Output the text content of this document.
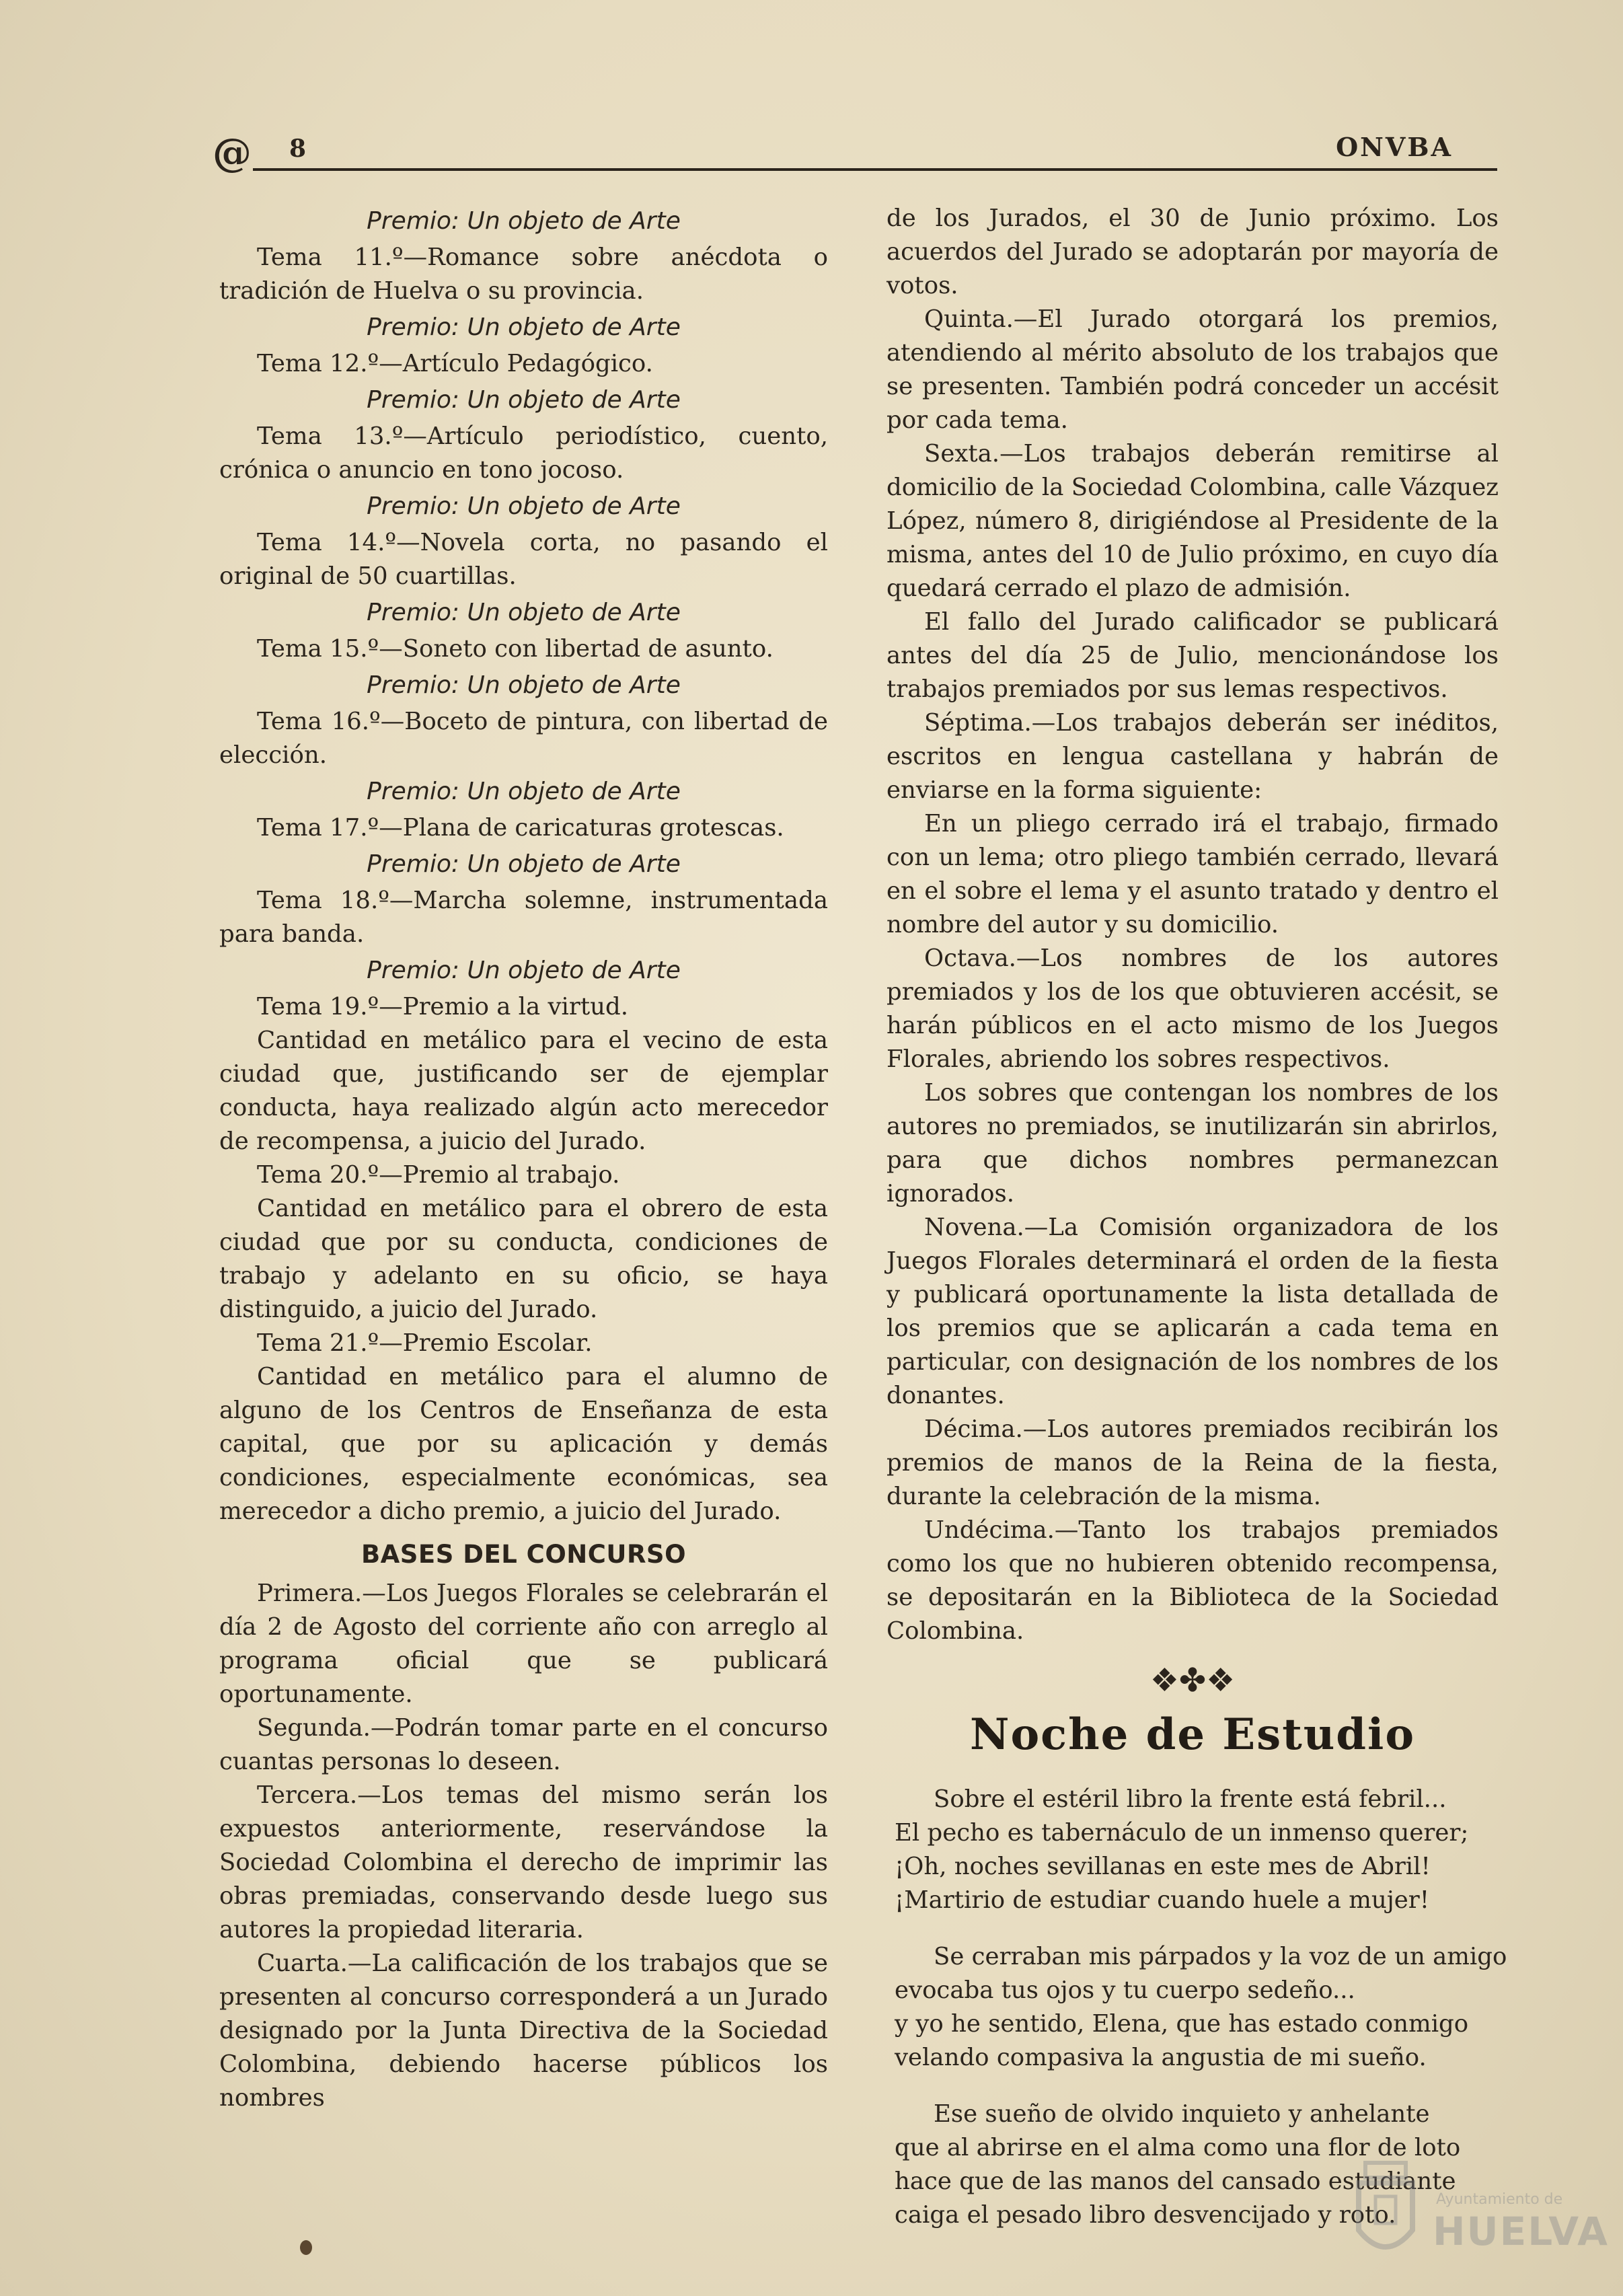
@ 8	ONVBA
Premio: Un objeto de Arte

Tema 11.º—Romance sobre anécdota o tradición de Huelva o su provincia.

Premio: Un objeto de Arte

Tema 12.º—Artículo Pedagógico.

Premio: Un objeto de Arte

Tema 13.º—Artículo periodístico, cuento, crónica o anuncio en tono jocoso.

Premio: Un objeto de Arte

Tema 14.º—Novela corta, no pasando el original de 50 cuartillas.

Premio: Un objeto de Arte

Tema 15.º—Soneto con libertad de asunto.

Premio: Un objeto de Arte

Tema 16.º—Boceto de pintura, con libertad de elección.

Premio: Un objeto de Arte

Tema 17.º—Plana de caricaturas grotescas.

Premio: Un objeto de Arte

Tema 18.º—Marcha solemne, instrumentada para banda.

Premio: Un objeto de Arte

Tema 19.º—Premio a la virtud.

Cantidad en metálico para el vecino de esta ciudad que, justificando ser de ejemplar conducta, haya realizado algún acto merecedor de recompensa, a juicio del Jurado.

Tema 20.º—Premio al trabajo.

Cantidad en metálico para el obrero de esta ciudad que por su conducta, condiciones de trabajo y adelanto en su oficio, se haya distinguido, a juicio del Jurado.

Tema 21.º—Premio Escolar.

Cantidad en metálico para el alumno de alguno de los Centros de Enseñanza de esta capital, que por su aplicación y demás condiciones, especialmente económicas, sea merecedor a dicho premio, a juicio del Jurado.

BASES DEL CONCURSO

Primera.—Los Juegos Florales se celebrarán el día 2 de Agosto del corriente año con arreglo al programa oficial que se publicará oportunamente.

Segunda.—Podrán tomar parte en el concurso cuantas personas lo deseen.

Tercera.—Los temas del mismo serán los expuestos anteriormente, reservándose la Sociedad Colombina el derecho de imprimir las obras premiadas, conservando desde luego sus autores la propiedad literaria.

Cuarta.—La calificación de los trabajos que se presenten al concurso corresponderá a un Jurado designado por la Junta Directiva de la Sociedad Colombina, debiendo hacerse públicos los nombres

de los Jurados, el 30 de Junio próximo. Los acuerdos del Jurado se adoptarán por mayoría de votos.

Quinta.—El Jurado otorgará los premios, atendiendo al mérito absoluto de los trabajos que se presenten. También podrá conceder un accésit por cada tema.

Sexta.—Los trabajos deberán remitirse al domicilio de la Sociedad Colombina, calle Vázquez López, número 8, dirigiéndose al Presidente de la misma, antes del 10 de Julio próximo, en cuyo día quedará cerrado el plazo de admisión.

El fallo del Jurado calificador se publicará antes del día 25 de Julio, mencionándose los trabajos premiados por sus lemas respectivos.

Séptima.—Los trabajos deberán ser inéditos, escritos en lengua castellana y habrán de enviarse en la forma siguiente:

En un pliego cerrado irá el trabajo, firmado con un lema; otro pliego también cerrado, llevará en el sobre el lema y el asunto tratado y dentro el nombre del autor y su domicilio.

Octava.—Los nombres de los autores premiados y los de los que obtuvieren accésit, se harán públicos en el acto mismo de los Juegos Florales, abriendo los sobres respectivos.

Los sobres que contengan los nombres de los autores no premiados, se inutilizarán sin abrirlos, para que dichos nombres permanezcan ignorados.

Novena.—La Comisión organizadora de los Juegos Florales determinará el orden de la fiesta y publicará oportunamente la lista detallada de los premios que se aplicarán a cada tema en particular, con designación de los nombres de los donantes.

Décima.—Los autores premiados recibirán los premios de manos de la Reina de la fiesta, durante la celebración de la misma.

Undécima.—Tanto los trabajos premiados como los que no hubieren obtenido recompensa, se depositarán en la Biblioteca de la Sociedad Colombina.

❖✤❖
Noche de Estudio
Sobre el estéril libro la frente está febril...
El pecho es tabernáculo de un inmenso querer;
¡Oh, noches sevillanas en este mes de Abril!
¡Martirio de estudiar cuando huele a mujer!
Se cerraban mis párpados y la voz de un amigo
evocaba tus ojos y tu cuerpo sedeño...
y yo he sentido, Elena, que has estado conmigo
velando compasiva la angustia de mi sueño.
Ese sueño de olvido inquieto y anhelante
que al abrirse en el alma como una flor de loto
hace que de las manos del cansado estudiante
caiga el pesado libro desvencijado y roto.
Ayuntamiento de
HUELVA
